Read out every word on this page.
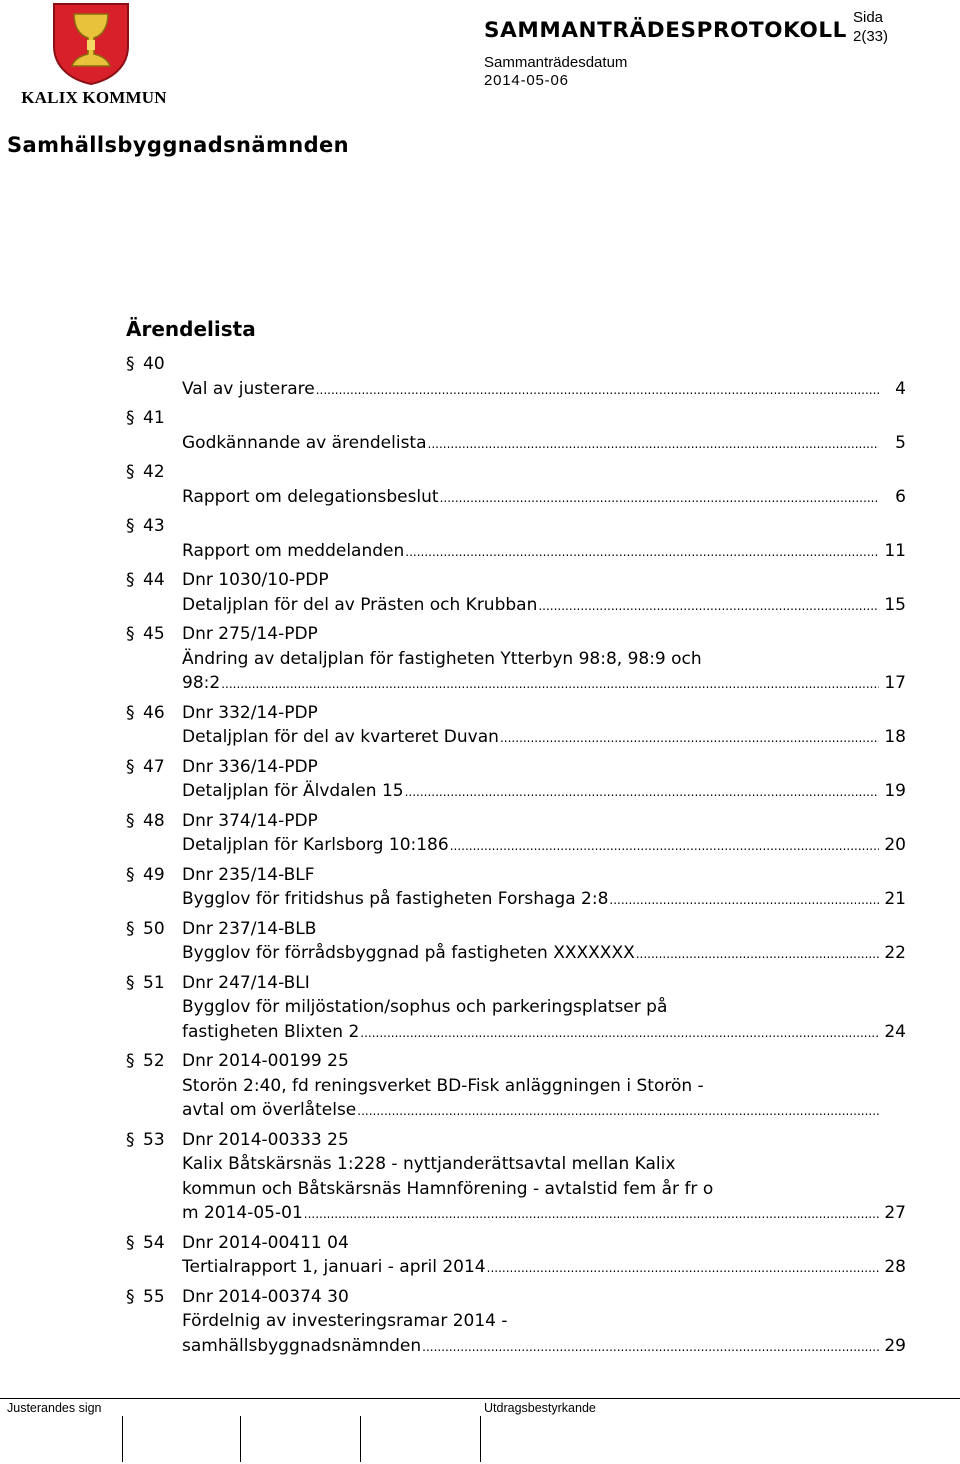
KALIX KOMMUN
SAMMANTRÄDESPROTOKOLL
Sida
2(33)
Sammanträdesdatum
2014-05-06
Samhällsbyggnadsnämnden
Ärendelista
§ 40

Val av justerare .....	4
§ 41

Godkännande av ärendelista .....	5
§ 42

Rapport om delegationsbeslut .....	6
§ 43

Rapport om meddelanden .....	11
§ 44 Dnr 1030/10-PDP
Detaljplan för del av Prästen och Krubban .....	15
§ 45 Dnr 275/14-PDP
Ändring av detaljplan för fastigheten Ytterbyn 98:8, 98:9 och
98:2 .....	17
§ 46 Dnr 332/14-PDP
Detaljplan för del av kvarteret Duvan .....	18
§ 47 Dnr 336/14-PDP
Detaljplan för Älvdalen 15 .....	19
§ 48 Dnr 374/14-PDP
Detaljplan för Karlsborg 10:186 .....	20
§ 49 Dnr 235/14-BLF
Bygglov för fritidshus på fastigheten Forshaga 2:8 .....	21
§ 50 Dnr 237/14-BLB
Bygglov för förrådsbyggnad på fastigheten XXXXXXX .....	22
§ 51 Dnr 247/14-BLI
Bygglov för miljöstation/sophus och parkeringsplatser på
fastigheten Blixten 2 .....	24
§ 52 Dnr 2014-00199 25
Storön 2:40, fd reningsverket BD-Fisk anläggningen i Storön -
avtal om överlåtelse
.....
§ 53 Dnr 2014-00333 25
Kalix Båtskärsnäs 1:228 - nyttjanderättsavtal mellan Kalix
kommun och Båtskärsnäs Hamnförening - avtalstid fem år fr o
m 2014-05-01 .....	27
§ 54 Dnr 2014-00411 04
Tertialrapport 1, januari - april 2014 .....	28
§ 55 Dnr 2014-00374 30
Fördelnig av investeringsramar 2014 -
samhällsbyggnadsnämnden .....	29
Justerandes sign	Utdragsbestyrkande
